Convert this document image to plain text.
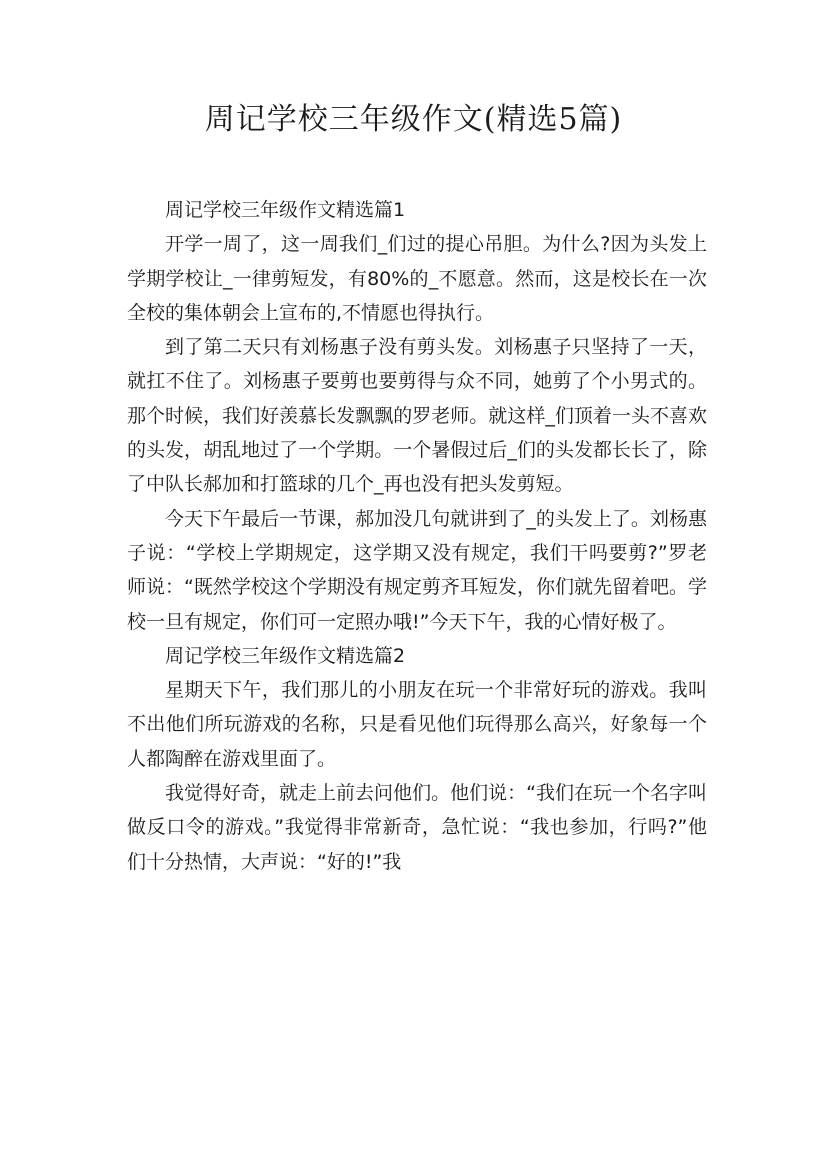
周记学校三年级作文(精选5篇)

周记学校三年级作文精选篇1

开学一周了，这一周我们_们过的提心吊胆。为什么?因为头发上学期学校让_一律剪短发，有80%的_不愿意。然而，这是校长在一次全校的集体朝会上宣布的,不情愿也得执行。

到了第二天只有刘杨惠子没有剪头发。刘杨惠子只坚持了一天，就扛不住了。刘杨惠子要剪也要剪得与众不同，她剪了个小男式的。那个时候，我们好羡慕长发飘飘的罗老师。就这样_们顶着一头不喜欢的头发，胡乱地过了一个学期。一个暑假过后_们的头发都长长了，除了中队长郝加和打篮球的几个_再也没有把头发剪短。

今天下午最后一节课，郝加没几句就讲到了_的头发上了。刘杨惠子说：“学校上学期规定，这学期又没有规定，我们干吗要剪?”罗老师说：“既然学校这个学期没有规定剪齐耳短发，你们就先留着吧。学校一旦有规定，你们可一定照办哦!”今天下午，我的心情好极了。

周记学校三年级作文精选篇2

星期天下午，我们那儿的小朋友在玩一个非常好玩的游戏。我叫不出他们所玩游戏的名称，只是看见他们玩得那么高兴，好象每一个人都陶醉在游戏里面了。

我觉得好奇，就走上前去问他们。他们说：“我们在玩一个名字叫做反口令的游戏。”我觉得非常新奇，急忙说：“我也参加，行吗?”他们十分热情，大声说：“好的!”我
